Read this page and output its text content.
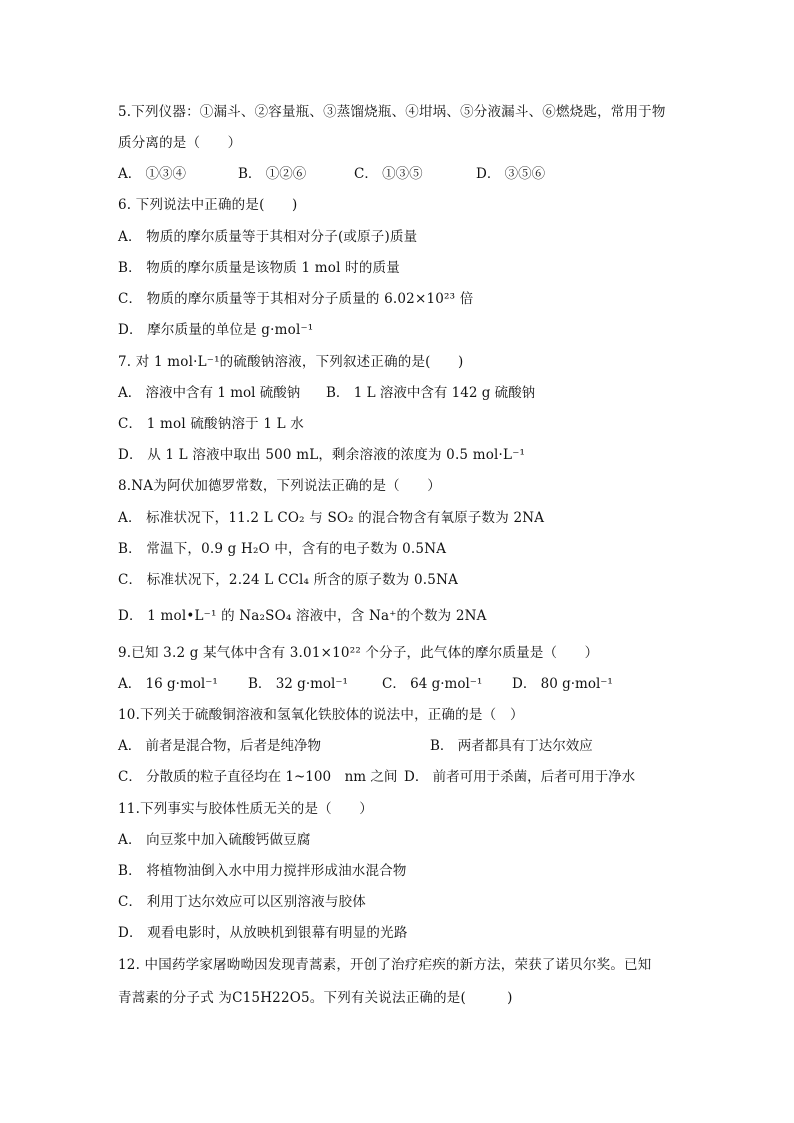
5.下列仪器：①漏斗、②容量瓶、③蒸馏烧瓶、④坩埚、⑤分液漏斗、⑥燃烧匙，常用于物
质分离的是（　　）
A． ①③④	B． ①②⑥	C． ①③⑤	D． ③⑤⑥
6. 下列说法中正确的是(　　)
A． 物质的摩尔质量等于其相对分子(或原子)质量
B． 物质的摩尔质量是该物质 1 mol 时的质量
C． 物质的摩尔质量等于其相对分子质量的 6.02×10²³ 倍
D． 摩尔质量的单位是 g·mol⁻¹
7. 对 1 mol·L⁻¹的硫酸钠溶液，下列叙述正确的是(　　)
A． 溶液中含有 1 mol 硫酸钠 B． 1 L 溶液中含有 142 g 硫酸钠
C． 1 mol 硫酸钠溶于 1 L 水
D． 从 1 L 溶液中取出 500 mL，剩余溶液的浓度为 0.5 mol·L⁻¹
8.NA为阿伏加德罗常数，下列说法正确的是（　　）
A． 标准状况下，11.2 L CO₂ 与 SO₂ 的混合物含有氧原子数为 2NA
B． 常温下，0.9 g H₂O 中，含有的电子数为 0.5NA
C． 标准状况下，2.24 L CCl₄ 所含的原子数为 0.5NA
D． 1 mol•L⁻¹ 的 Na₂SO₄ 溶液中，含 Na⁺的个数为 2NA
9.已知 3.2 g 某气体中含有 3.01×10²² 个分子，此气体的摩尔质量是（　　）
A． 16 g·mol⁻¹ B． 32 g·mol⁻¹	C． 64 g·mol⁻¹ D． 80 g·mol⁻¹
10.下列关于硫酸铜溶液和氢氧化铁胶体的说法中，正确的是（　）
A． 前者是混合物，后者是纯净物	B． 两者都具有丁达尔效应
C． 分散质的粒子直径均在 1~100　nm 之间 D． 前者可用于杀菌，后者可用于净水
11.下列事实与胶体性质无关的是（　　）
A． 向豆浆中加入硫酸钙做豆腐
B． 将植物油倒入水中用力搅拌形成油水混合物
C． 利用丁达尔效应可以区别溶液与胶体
D． 观看电影时，从放映机到银幕有明显的光路
12. 中国药学家屠呦呦因发现青蒿素，开创了治疗疟疾的新方法，荣获了诺贝尔奖。已知
青蒿素的分子式 为C15H22O5。下列有关说法正确的是(　　　)
